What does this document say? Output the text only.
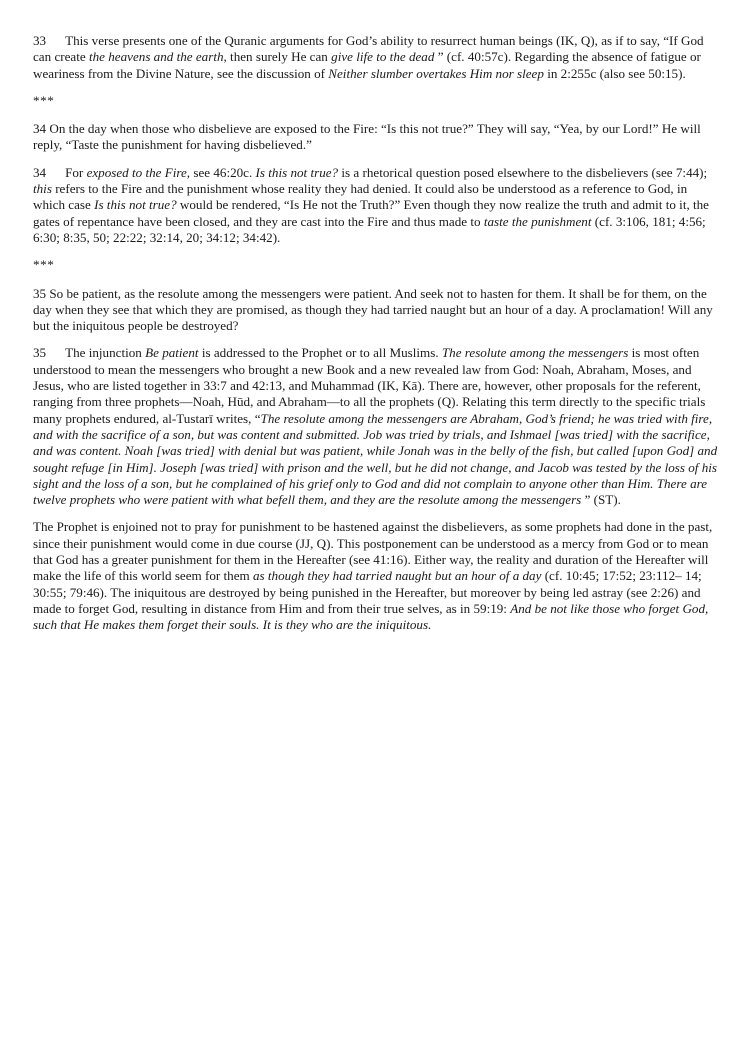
33 This verse presents one of the Quranic arguments for God’s ability to resurrect human beings (IK, Q), as if to say, “If God can create the heavens and the earth, then surely He can give life to the dead ” (cf. 40:57c). Regarding the absence of fatigue or weariness from the Divine Nature, see the discussion of Neither slumber overtakes Him nor sleep in 2:255c (also see 50:15).

***

34 On the day when those who disbelieve are exposed to the Fire: “Is this not true?” They will say, “Yea, by our Lord!” He will reply, “Taste the punishment for having disbelieved.”

34 For exposed to the Fire, see 46:20c. Is this not true? is a rhetorical question posed elsewhere to the disbelievers (see 7:44); this refers to the Fire and the punishment whose reality they had denied. It could also be understood as a reference to God, in which case Is this not true? would be rendered, “Is He not the Truth?” Even though they now realize the truth and admit to it, the gates of repentance have been closed, and they are cast into the Fire and thus made to taste the punishment (cf. 3:106, 181; 4:56; 6:30; 8:35, 50; 22:22; 32:14, 20; 34:12; 34:42).

***

35 So be patient, as the resolute among the messengers were patient. And seek not to hasten for them. It shall be for them, on the day when they see that which they are promised, as though they had tarried naught but an hour of a day. A proclamation! Will any but the iniquitous people be destroyed?

35 The injunction Be patient is addressed to the Prophet or to all Muslims. The resolute among the messengers is most often understood to mean the messengers who brought a new Book and a new revealed law from God: Noah, Abraham, Moses, and Jesus, who are listed together in 33:7 and 42:13, and Muhammad (IK, Kā). There are, however, other proposals for the referent, ranging from three prophets—Noah, Hūd, and Abraham—to all the prophets (Q). Relating this term directly to the specific trials many prophets endured, al-Tustarī writes, “The resolute among the messengers are Abraham, God’s friend; he was tried with fire, and with the sacrifice of a son, but was content and submitted. Job was tried by trials, and Ishmael [was tried] with the sacrifice, and was content. Noah [was tried] with denial but was patient, while Jonah was in the belly of the fish, but called [upon God] and sought refuge [in Him]. Joseph [was tried] with prison and the well, but he did not change, and Jacob was tested by the loss of his sight and the loss of a son, but he complained of his grief only to God and did not complain to anyone other than Him. There are twelve prophets who were patient with what befell them, and they are the resolute among the messengers ” (ST).

The Prophet is enjoined not to pray for punishment to be hastened against the disbelievers, as some prophets had done in the past, since their punishment would come in due course (JJ, Q). This postponement can be understood as a mercy from God or to mean that God has a greater punishment for them in the Hereafter (see 41:16). Either way, the reality and duration of the Hereafter will make the life of this world seem for them as though they had tarried naught but an hour of a day (cf. 10:45; 17:52; 23:112– 14; 30:55; 79:46). The iniquitous are destroyed by being punished in the Hereafter, but moreover by being led astray (see 2:26) and made to forget God, resulting in distance from Him and from their true selves, as in 59:19: And be not like those who forget God, such that He makes them forget their souls. It is they who are the iniquitous.
